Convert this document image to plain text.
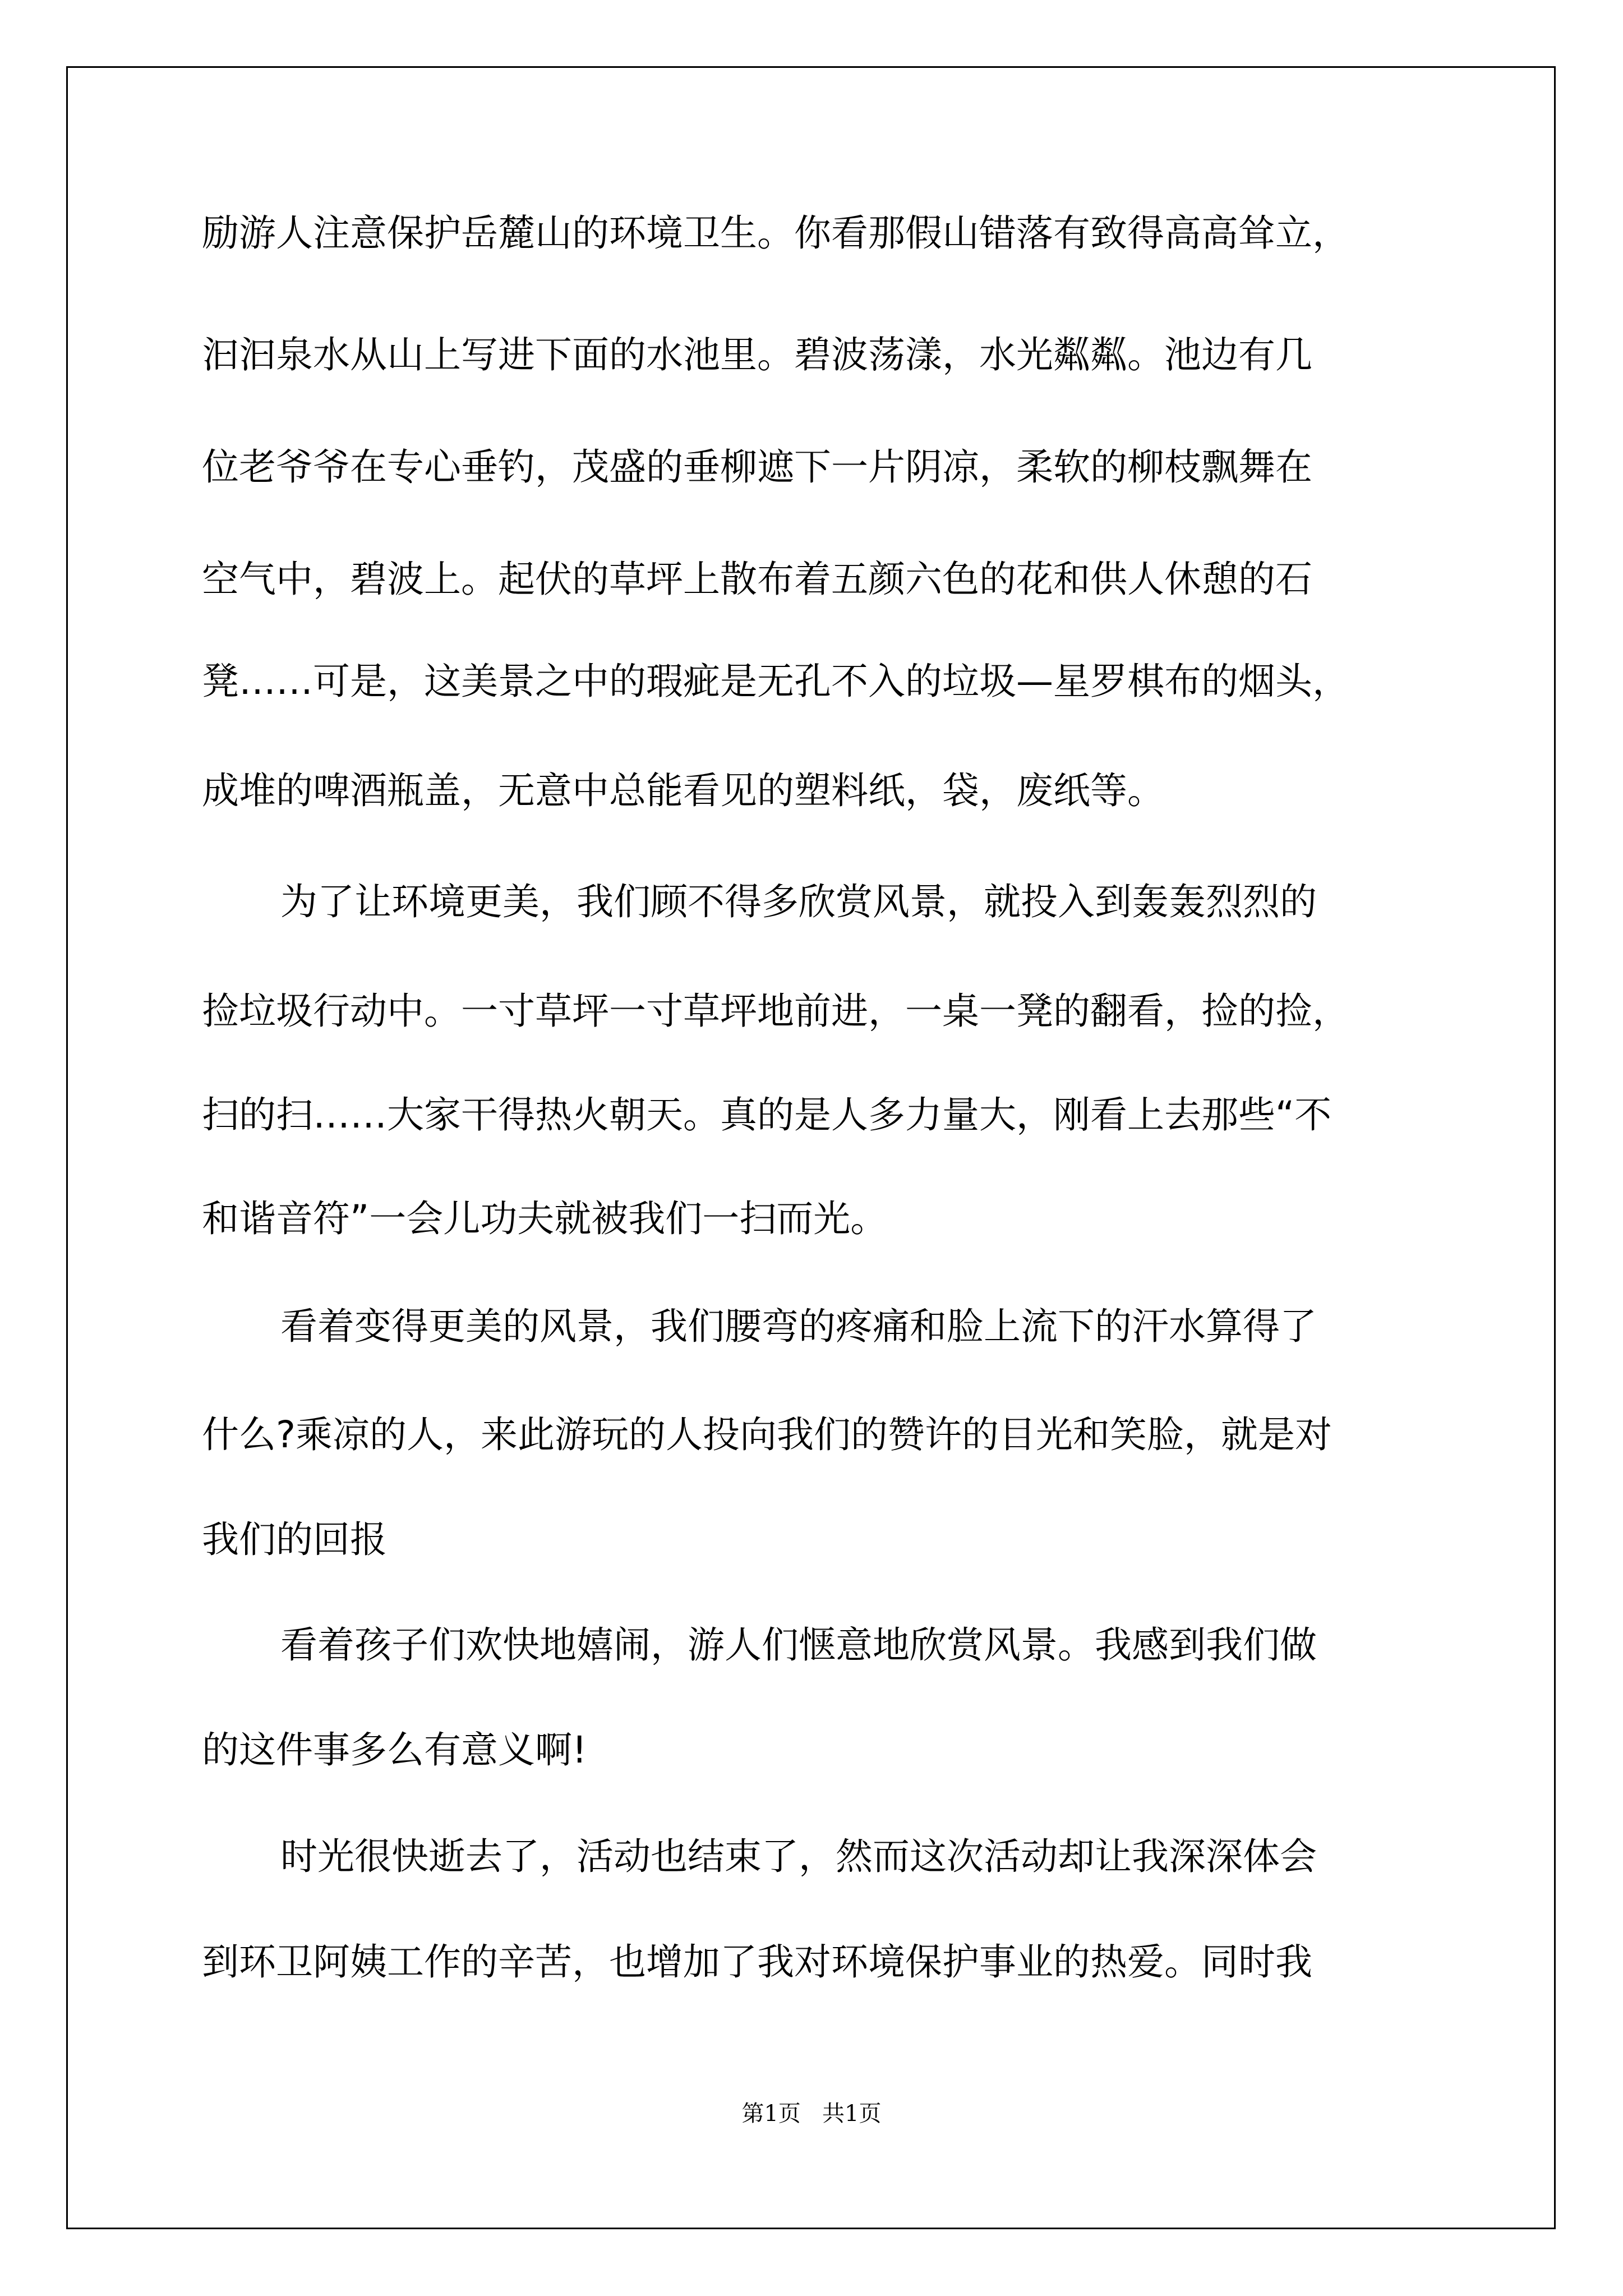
励游人注意保护岳麓山的环境卫生。你看那假山错落有致得高高耸立，
汩汩泉水从山上写进下面的水池里。碧波荡漾，水光粼粼。池边有几
位老爷爷在专心垂钓，茂盛的垂柳遮下一片阴凉，柔软的柳枝飘舞在
空气中，碧波上。起伏的草坪上散布着五颜六色的花和供人休憩的石
凳……可是，这美景之中的瑕疵是无孔不入的垃圾—星罗棋布的烟头，
成堆的啤酒瓶盖，无意中总能看见的塑料纸，袋，废纸等。
为了让环境更美，我们顾不得多欣赏风景，就投入到轰轰烈烈的
捡垃圾行动中。一寸草坪一寸草坪地前进，一桌一凳的翻看，捡的捡，
扫的扫……大家干得热火朝天。真的是人多力量大，刚看上去那些“不
和谐音符”一会儿功夫就被我们一扫而光。
看着变得更美的风景，我们腰弯的疼痛和脸上流下的汗水算得了
什么?乘凉的人，来此游玩的人投向我们的赞许的目光和笑脸，就是对
我们的回报
看着孩子们欢快地嬉闹，游人们惬意地欣赏风景。我感到我们做
的这件事多么有意义啊!
时光很快逝去了，活动也结束了，然而这次活动却让我深深体会
到环卫阿姨工作的辛苦，也增加了我对环境保护事业的热爱。同时我
第1页   共1页
